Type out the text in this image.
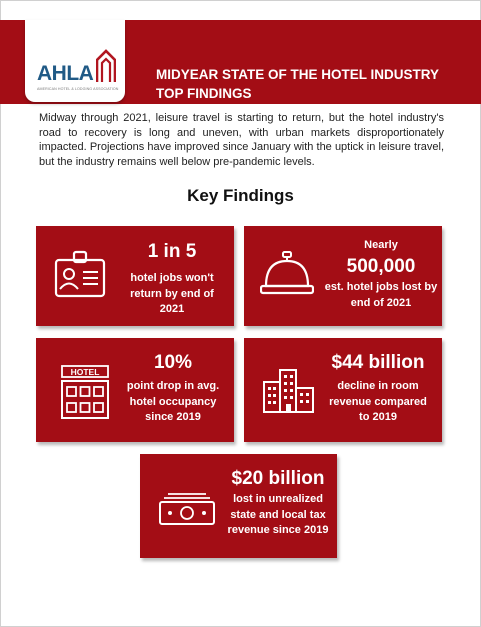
AHLA
AMERICAN HOTEL & LODGING ASSOCIATION
MIDYEAR STATE OF THE HOTEL INDUSTRY
TOP FINDINGS

Midway through 2021, leisure travel is starting to return, but the hotel industry's road to recovery is long and uneven, with urban markets disproportionately impacted. Projections have improved since January with the uptick in leisure travel, but the industry remains well below pre-pandemic levels.

Key Findings
1 in 5
hotel jobs won't return by end of 2021
Nearly
500,000
est. hotel jobs lost by end of 2021
HOTEL	10%
point drop in avg. hotel occupancy since 2019
$44 billion
decline in room revenue compared to 2019
$20 billion
lost in unrealized state and local tax revenue since 2019
